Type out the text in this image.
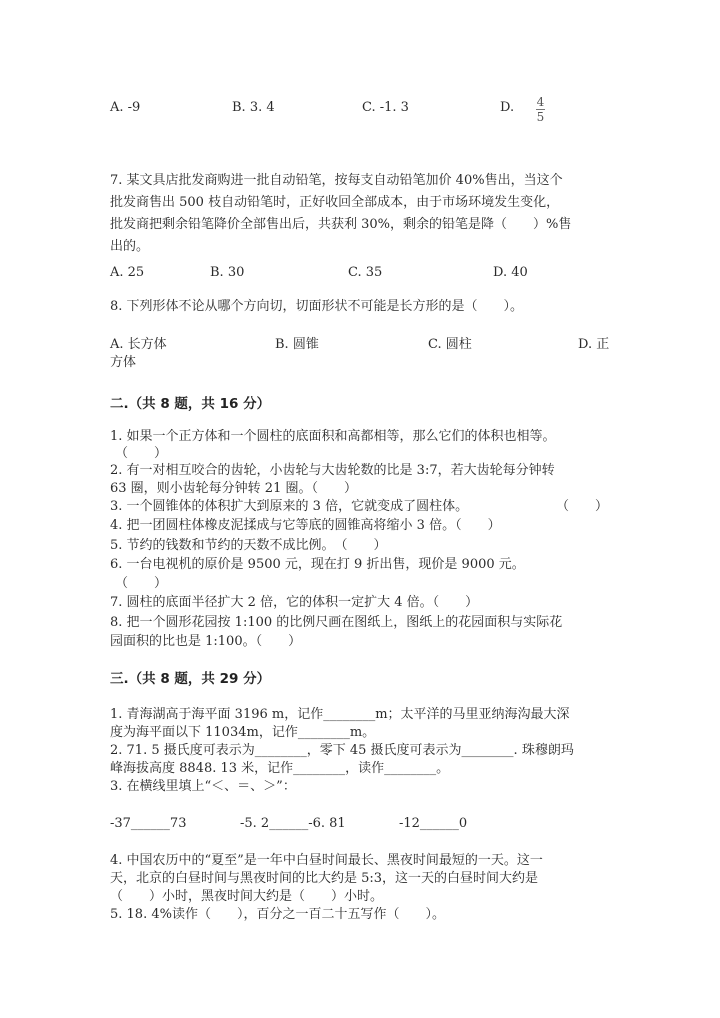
A. -9	B. 3. 4	C. -1. 3	D. 4
5
7. 某文具店批发商购进一批自动铅笔，按每支自动铅笔加价 40%售出，当这个
批发商售出 500 枝自动铅笔时，正好收回全部成本，由于市场环境发生变化，
批发商把剩余铅笔降价全部售出后，共获利 30%，剩余的铅笔是降（　　）%售
出的。
A. 25	B. 30	C. 35	D. 40
8. 下列形体不论从哪个方向切，切面形状不可能是长方形的是（　　）。
A. 长方体	B. 圆锥	C. 圆柱	D. 正
方体
二.（共 8 题，共 16 分）
1. 如果一个正方体和一个圆柱的底面积和高都相等，那么它们的体积也相等。
（　　）
2. 有一对相互咬合的齿轮，小齿轮与大齿轮数的比是 3:7，若大齿轮每分钟转
63 圈，则小齿轮每分钟转 21 圈。（　　）
3. 一个圆锥体的体积扩大到原来的 3 倍，它就变成了圆柱体。	（　　）
4. 把一团圆柱体橡皮泥揉成与它等底的圆锥高将缩小 3 倍。（　　）
5. 节约的钱数和节约的天数不成比例。　（　　）
6. 一台电视机的原价是 9500 元，现在打 9 折出售，现价是 9000 元。
（　　）
7. 圆柱的底面半径扩大 2 倍，它的体积一定扩大 4 倍。（　　）
8. 把一个圆形花园按 1:100 的比例尺画在图纸上，图纸上的花园面积与实际花
园面积的比也是 1:100。（　　）
三.（共 8 题，共 29 分）
1. 青海湖高于海平面 3196 m，记作________m；太平洋的马里亚纳海沟最大深
度为海平面以下 11034m，记作________m。
2. 71. 5 摄氏度可表示为________，零下 45 摄氏度可表示为________. 珠穆朗玛
峰海拔高度 8848. 13 米，记作________，读作________。
3. 在横线里填上“＜、＝、＞”：
-37______73	-5. 2______-6. 81	-12______0
4. 中国农历中的“夏至”是一年中白昼时间最长、黑夜时间最短的一天。这一
天，北京的白昼时间与黑夜时间的比大约是 5:3，这一天的白昼时间大约是
（　　）小时，黑夜时间大约是（　　）小时。
5. 18. 4%读作（　　），百分之一百二十五写作（　　）。
